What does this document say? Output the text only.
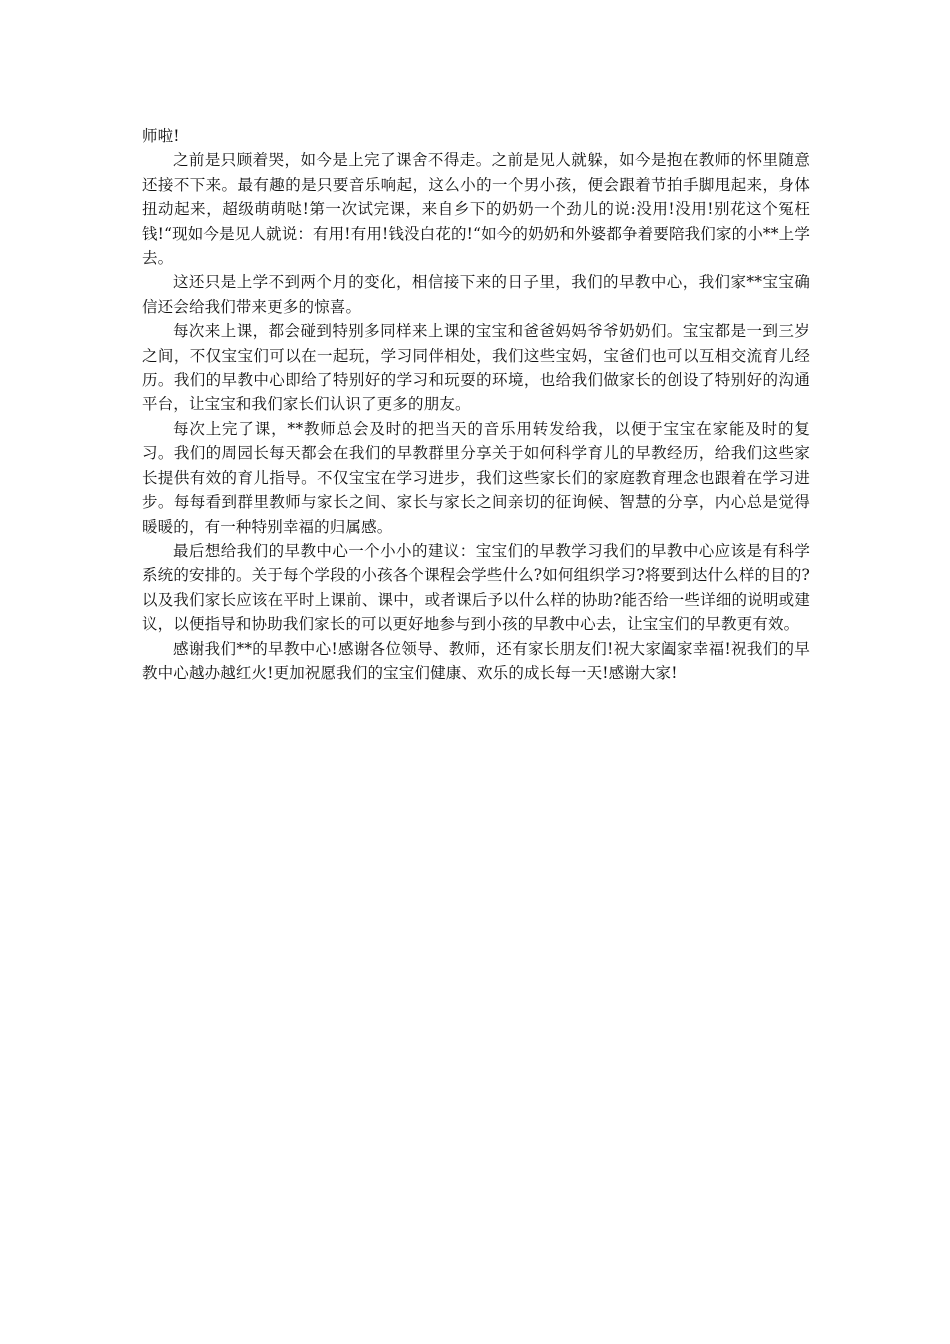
师啦!

之前是只顾着哭，如今是上完了课舍不得走。之前是见人就躲，如今是抱在教师的怀里随意还接不下来。最有趣的是只要音乐响起，这么小的一个男小孩，便会跟着节拍手脚甩起来，身体扭动起来，超级萌萌哒!第一次试完课，来自乡下的奶奶一个劲儿的说:没用!没用!别花这个冤枉钱!“现如今是见人就说：有用!有用!钱没白花的!“如今的奶奶和外婆都争着要陪我们家的小**上学去。

这还只是上学不到两个月的变化，相信接下来的日子里，我们的早教中心，我们家**宝宝确信还会给我们带来更多的惊喜。

每次来上课，都会碰到特别多同样来上课的宝宝和爸爸妈妈爷爷奶奶们。宝宝都是一到三岁之间，不仅宝宝们可以在一起玩，学习同伴相处，我们这些宝妈，宝爸们也可以互相交流育儿经历。我们的早教中心即给了特别好的学习和玩耍的环境，也给我们做家长的创设了特别好的沟通平台，让宝宝和我们家长们认识了更多的朋友。

每次上完了课，**教师总会及时的把当天的音乐用转发给我，以便于宝宝在家能及时的复习。我们的周园长每天都会在我们的早教群里分享关于如何科学育儿的早教经历，给我们这些家长提供有效的育儿指导。不仅宝宝在学习进步，我们这些家长们的家庭教育理念也跟着在学习进步。每每看到群里教师与家长之间、家长与家长之间亲切的征询候、智慧的分享，内心总是觉得暖暖的，有一种特别幸福的归属感。

最后想给我们的早教中心一个小小的建议：宝宝们的早教学习我们的早教中心应该是有科学系统的安排的。关于每个学段的小孩各个课程会学些什么?如何组织学习?将要到达什么样的目的?以及我们家长应该在平时上课前、课中，或者课后予以什么样的协助?能否给一些详细的说明或建议，以便指导和协助我们家长的可以更好地参与到小孩的早教中心去，让宝宝们的早教更有效。

感谢我们**的早教中心!感谢各位领导、教师，还有家长朋友们!祝大家阖家幸福!祝我们的早教中心越办越红火!更加祝愿我们的宝宝们健康、欢乐的成长每一天!感谢大家!
